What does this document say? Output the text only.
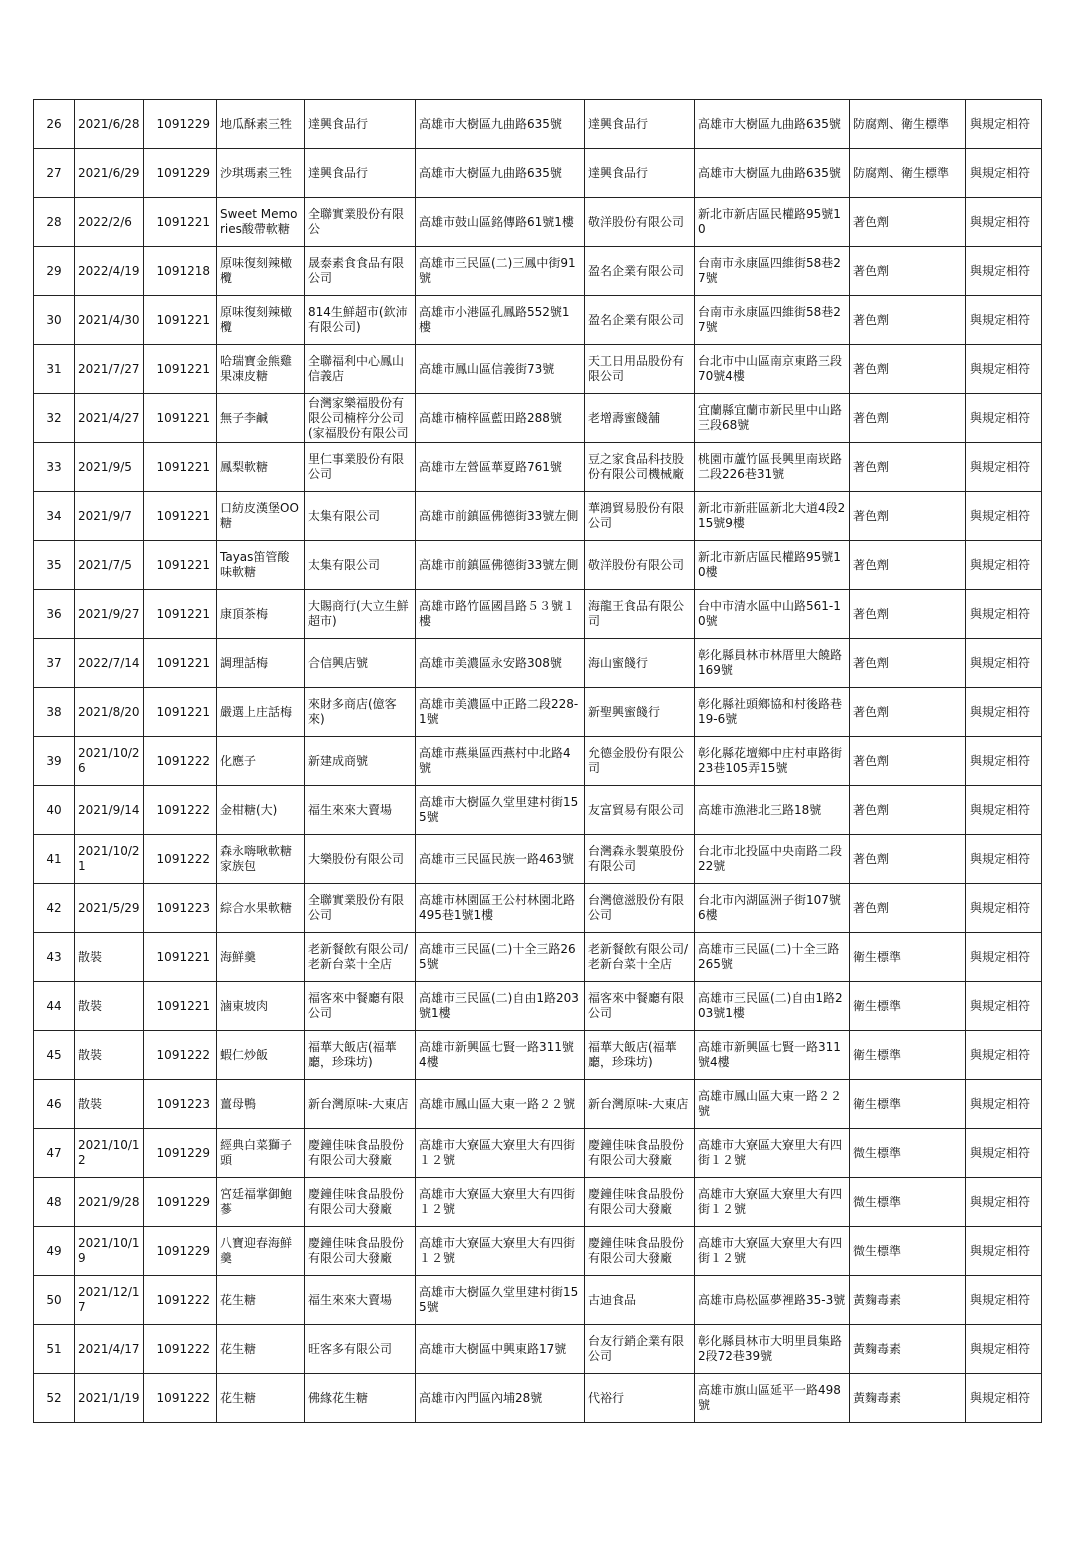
26	2021/6/28	1091229	地瓜酥素三牲	達興食品行	高雄市大樹區九曲路635號	達興食品行	高雄市大樹區九曲路635號	防腐劑、衛生標準	與規定相符
27	2021/6/29	1091229	沙琪瑪素三牲	達興食品行	高雄市大樹區九曲路635號	達興食品行	高雄市大樹區九曲路635號	防腐劑、衛生標準	與規定相符
28	2022/2/6	1091221	Sweet Memories酸帶軟糖	全聯實業股份有限公	高雄市鼓山區銘傳路61號1樓	敬洋股份有限公司	新北市新店區民權路95號10	著色劑	與規定相符
29	2022/4/19	1091218	原味復刻辣橄欖	晟泰素食食品有限公司	高雄市三民區(二)三鳳中街91號	盈名企業有限公司	台南市永康區四維街58巷27號	著色劑	與規定相符
30	2021/4/30	1091221	原味復刻辣橄欖	814生鮮超市(欽沛有限公司)	高雄市小港區孔鳳路552號1樓	盈名企業有限公司	台南市永康區四維街58巷27號	著色劑	與規定相符
31	2021/7/27	1091221	哈瑞寶金熊雞果凍皮糖	全聯福利中心鳳山信義店	高雄市鳳山區信義街73號	天工日用品股份有限公司	台北市中山區南京東路三段70號4樓	著色劑	與規定相符
32	2021/4/27	1091221	無子李鹹	台灣家樂福股份有限公司楠梓分公司(家福股份有限公司	高雄市楠梓區藍田路288號	老增壽蜜餞舖	宜蘭縣宜蘭市新民里中山路三段68號	著色劑	與規定相符
33	2021/9/5	1091221	鳳梨軟糖	里仁事業股份有限公司	高雄市左營區華夏路761號	豆之家食品科技股份有限公司機械廠	桃園市蘆竹區長興里南崁路二段226巷31號	著色劑	與規定相符
34	2021/9/7	1091221	口紡皮漢堡OO糖	太集有限公司	高雄市前鎮區佛德街33號左側	華鴻貿易股份有限公司	新北市新莊區新北大道4段215號9樓	著色劑	與規定相符
35	2021/7/5	1091221	Tayas笛管酸味軟糖	太集有限公司	高雄市前鎮區佛德街33號左側	敬洋股份有限公司	新北市新店區民權路95號10樓	著色劑	與規定相符
36	2021/9/27	1091221	康頂茶梅	大賜商行(大立生鮮超市)	高雄市路竹區國昌路５３號１樓	海龍王食品有限公司	台中市清水區中山路561-10號	著色劑	與規定相符
37	2022/7/14	1091221	調理話梅	合信興店號	高雄市美濃區永安路308號	海山蜜餞行	彰化縣員林市林厝里大饒路169號	著色劑	與規定相符
38	2021/8/20	1091221	嚴選上庄話梅	來財多商店(億客來)	高雄市美濃區中正路二段228-1號	新聖興蜜餞行	彰化縣社頭鄉協和村後路巷19-6號	著色劑	與規定相符
39	2021/10/26	1091222	化應子	新建成商號	高雄市燕巢區西燕村中北路4號	允德金股份有限公司	彰化縣花壇鄉中庄村車路街23巷105弄15號	著色劑	與規定相符
40	2021/9/14	1091222	金柑糖(大)	福生來來大賣場	高雄市大樹區久堂里建村街155號	友富貿易有限公司	高雄市漁港北三路18號	著色劑	與規定相符
41	2021/10/21	1091222	森永嗨啾軟糖家族包	大樂股份有限公司	高雄市三民區民族一路463號	台灣森永製菓股份有限公司	台北市北投區中央南路二段22號	著色劑	與規定相符
42	2021/5/29	1091223	綜合水果軟糖	全聯實業股份有限公司	高雄市林園區王公村林園北路495巷1號1樓	台灣億滋股份有限公司	台北市內湖區洲子街107號6樓	著色劑	與規定相符
43	散裝	1091221	海鮮羹	老新餐飲有限公司/老新台菜十全店	高雄市三民區(二)十全三路265號	老新餐飲有限公司/老新台菜十全店	高雄市三民區(二)十全三路265號	衛生標準	與規定相符
44	散裝	1091221	滷東坡肉	福客來中餐廳有限公司	高雄市三民區(二)自由1路203號1樓	福客來中餐廳有限公司	高雄市三民區(二)自由1路203號1樓	衛生標準	與規定相符
45	散裝	1091222	蝦仁炒飯	福華大飯店(福華廳，珍珠坊)	高雄市新興區七賢一路311號4樓	福華大飯店(福華廳，珍珠坊)	高雄市新興區七賢一路311號4樓	衛生標準	與規定相符
46	散裝	1091223	薑母鴨	新台灣原味-大東店	高雄市鳳山區大東一路２２號	新台灣原味-大東店	高雄市鳳山區大東一路２２號	衛生標準	與規定相符
47	2021/10/12	1091229	經典白菜獅子頭	慶鐘佳味食品股份有限公司大發廠	高雄市大寮區大寮里大有四街１２號	慶鐘佳味食品股份有限公司大發廠	高雄市大寮區大寮里大有四街１２號	微生標準	與規定相符
48	2021/9/28	1091229	宮廷福掌御鮑蔘	慶鐘佳味食品股份有限公司大發廠	高雄市大寮區大寮里大有四街１２號	慶鐘佳味食品股份有限公司大發廠	高雄市大寮區大寮里大有四街１２號	微生標準	與規定相符
49	2021/10/19	1091229	八寶迎春海鮮羹	慶鐘佳味食品股份有限公司大發廠	高雄市大寮區大寮里大有四街１２號	慶鐘佳味食品股份有限公司大發廠	高雄市大寮區大寮里大有四街１２號	微生標準	與規定相符
50	2021/12/17	1091222	花生糖	福生來來大賣場	高雄市大樹區久堂里建村街155號	古迪食品	高雄市鳥松區夢裡路35-3號	黃麴毒素	與規定相符
51	2021/4/17	1091222	花生糖	旺客多有限公司	高雄市大樹區中興東路17號	台友行銷企業有限公司	彰化縣員林市大明里員集路2段72巷39號	黃麴毒素	與規定相符
52	2021/1/19	1091222	花生糖	佛緣花生糖	高雄市內門區內埔28號	代裕行	高雄市旗山區延平一路498號	黃麴毒素	與規定相符
